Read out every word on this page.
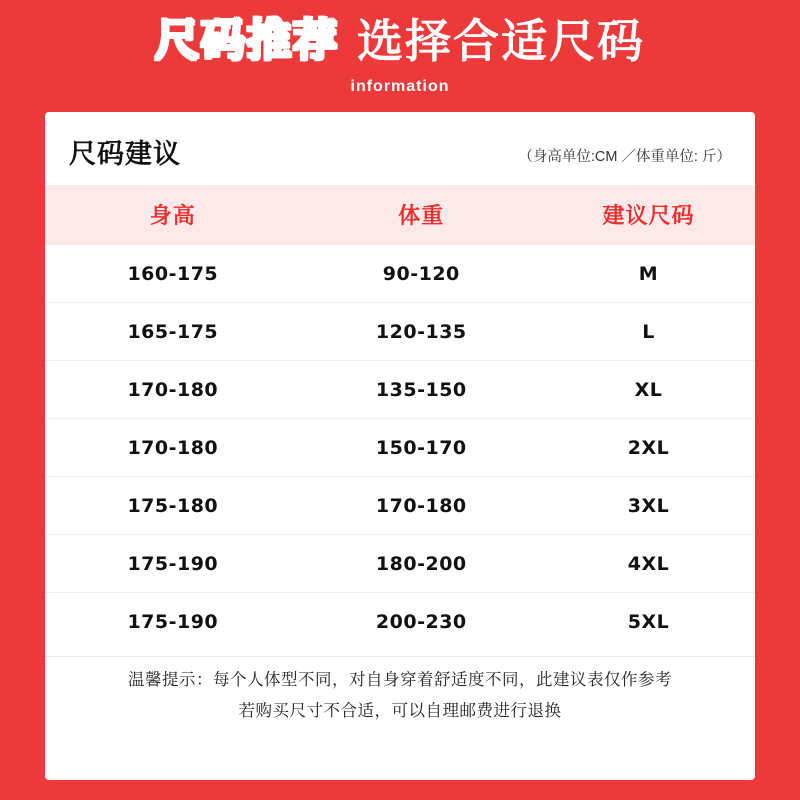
尺码推荐 选择合适尺码
information
尺码建议	（身高单位:CM ／体重单位: 斤）
身高	体重	建议尺码
160-175	90-120	M
165-175	120-135	L
170-180	135-150	XL
170-180	150-170	2XL
175-180	170-180	3XL
175-190	180-200	4XL
175-190	200-230	5XL
温馨提示：每个人体型不同，对自身穿着舒适度不同，此建议表仅作参考
若购买尺寸不合适，可以自理邮费进行退换
